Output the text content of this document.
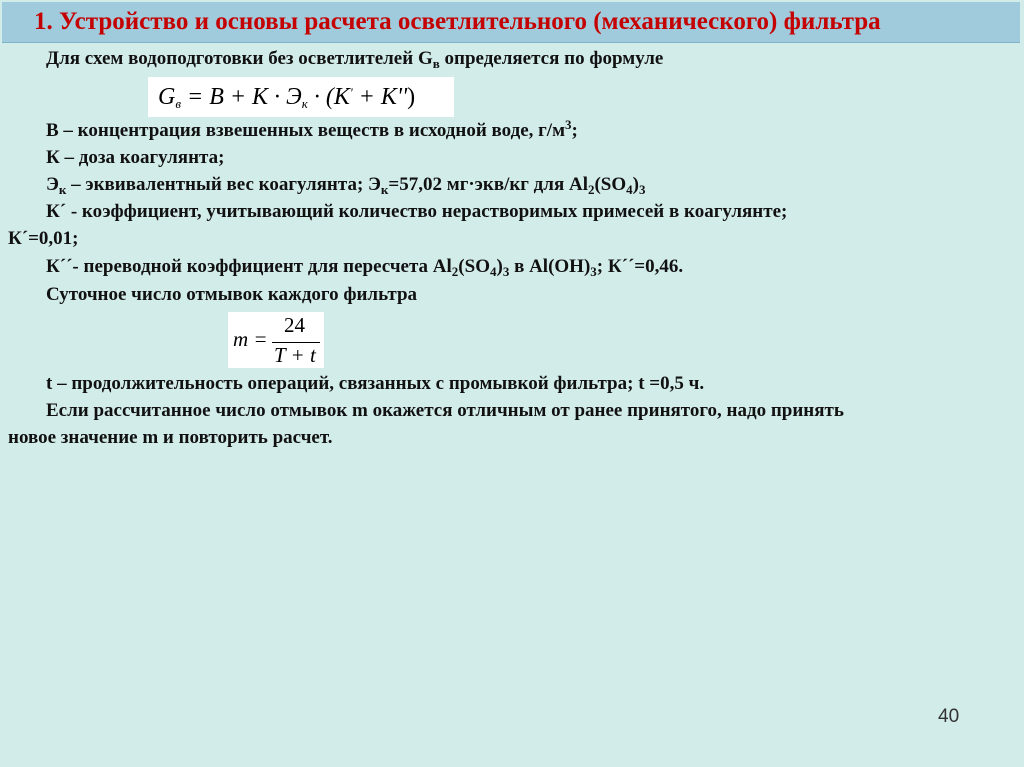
1. Устройство и основы расчета осветлительного (механического) фильтра
Для схем водоподготовки без осветлителей $G_в$ определяется по формуле
$G_в = B + K \cdot Э_к \cdot (K' + K'')$
В – концентрация взвешенных веществ в исходной воде, $г/м^3$;
К – доза коагулянта;
$Э_к$ – эквивалентный вес коагулянта; $Э_к=57,02$ мг·экв/кг для $Al_2(SO_4)_3$
К´ - коэффициент, учитывающий количество нерастворимых примесей в коагулянте;
К´=0,01;
К´´- переводной коэффициент для пересчета $Al_2(SO_4)_3$ в $Al(OH)_3$; К´´=0,46.
Суточное число отмывок каждого фильтра
m =
24
T + t
t – продолжительность операций, связанных с промывкой фильтра; t =0,5 ч.
Если рассчитанное число отмывок m окажется отличным от ранее принятого, надо принять
новое значение m и повторить расчет.
40
